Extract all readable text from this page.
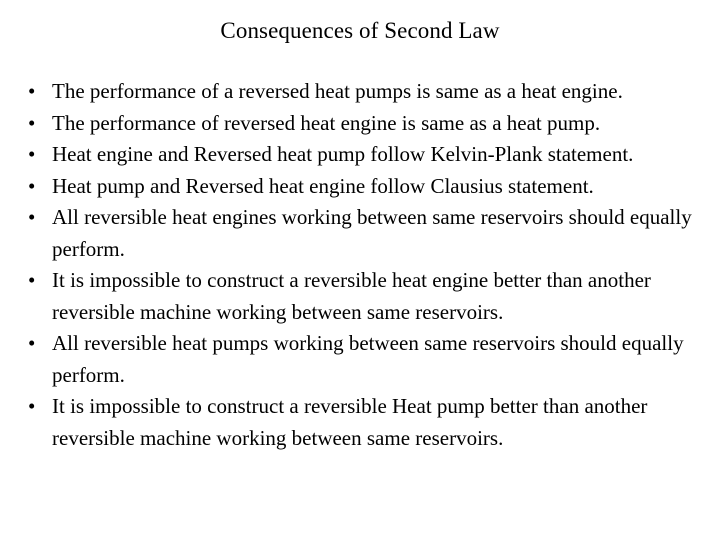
Consequences of Second Law
• The performance of a reversed heat pumps is same as a heat engine.
• The performance of reversed heat engine is same as a heat pump.
• Heat engine and Reversed heat pump follow Kelvin-Plank statement.
• Heat pump and Reversed heat engine follow Clausius statement.
• All reversible heat engines working between same reservoirs should equally perform.
• It is impossible to construct a reversible heat engine better than another reversible machine working between same reservoirs.
• All reversible heat pumps working between same reservoirs should equally perform.
• It is impossible to construct a reversible Heat pump better than another reversible machine working between same reservoirs.
